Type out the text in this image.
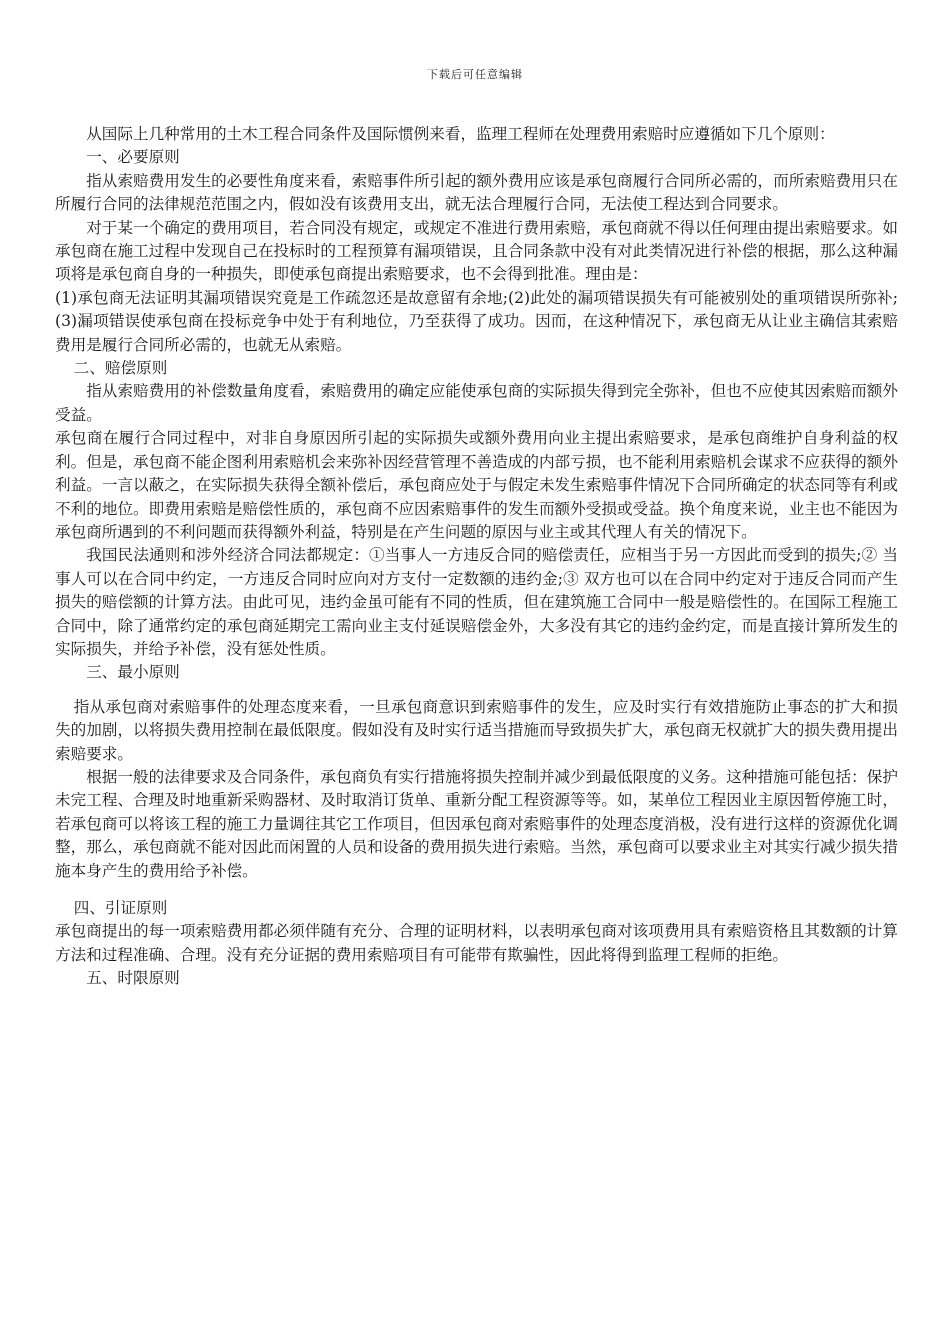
下载后可任意编辑

从国际上几种常用的土木工程合同条件及国际惯例来看，监理工程师在处理费用索赔时应遵循如下几个原则：

一、必要原则

指从索赔费用发生的必要性角度来看，索赔事件所引起的额外费用应该是承包商履行合同所必需的，而所索赔费用只在所履行合同的法律规范范围之内，假如没有该费用支出，就无法合理履行合同，无法使工程达到合同要求。

对于某一个确定的费用项目，若合同没有规定，或规定不准进行费用索赔，承包商就不得以任何理由提出索赔要求。如承包商在施工过程中发现自己在投标时的工程预算有漏项错误，且合同条款中没有对此类情况进行补偿的根据，那么这种漏项将是承包商自身的一种损失，即使承包商提出索赔要求，也不会得到批准。理由是：

(1)承包商无法证明其漏项错误究竟是工作疏忽还是故意留有余地;(2)此处的漏项错误损失有可能被别处的重项错误所弥补;(3)漏项错误使承包商在投标竞争中处于有利地位，乃至获得了成功。因而，在这种情况下，承包商无从让业主确信其索赔费用是履行合同所必需的，也就无从索赔。

二、赔偿原则

指从索赔费用的补偿数量角度看，索赔费用的确定应能使承包商的实际损失得到完全弥补，但也不应使其因索赔而额外受益。

承包商在履行合同过程中，对非自身原因所引起的实际损失或额外费用向业主提出索赔要求，是承包商维护自身利益的权利。但是，承包商不能企图利用索赔机会来弥补因经营管理不善造成的内部亏损，也不能利用索赔机会谋求不应获得的额外利益。一言以蔽之，在实际损失获得全额补偿后，承包商应处于与假定未发生索赔事件情况下合同所确定的状态同等有利或不利的地位。即费用索赔是赔偿性质的，承包商不应因索赔事件的发生而额外受损或受益。换个角度来说，业主也不能因为承包商所遇到的不利问题而获得额外利益，特别是在产生问题的原因与业主或其代理人有关的情况下。

我国民法通则和涉外经济合同法都规定：①当事人一方违反合同的赔偿责任，应相当于另一方因此而受到的损失;② 当事人可以在合同中约定，一方违反合同时应向对方支付一定数额的违约金;③ 双方也可以在合同中约定对于违反合同而产生损失的赔偿额的计算方法。由此可见，违约金虽可能有不同的性质，但在建筑施工合同中一般是赔偿性的。在国际工程施工合同中，除了通常约定的承包商延期完工需向业主支付延误赔偿金外，大多没有其它的违约金约定，而是直接计算所发生的实际损失，并给予补偿，没有惩处性质。

三、最小原则

指从承包商对索赔事件的处理态度来看，一旦承包商意识到索赔事件的发生，应及时实行有效措施防止事态的扩大和损失的加剧，以将损失费用控制在最低限度。假如没有及时实行适当措施而导致损失扩大，承包商无权就扩大的损失费用提出索赔要求。

根据一般的法律要求及合同条件，承包商负有实行措施将损失控制并减少到最低限度的义务。这种措施可能包括：保护未完工程、合理及时地重新采购器材、及时取消订货单、重新分配工程资源等等。如，某单位工程因业主原因暂停施工时，若承包商可以将该工程的施工力量调往其它工作项目，但因承包商对索赔事件的处理态度消极，没有进行这样的资源优化调整，那么，承包商就不能对因此而闲置的人员和设备的费用损失进行索赔。当然，承包商可以要求业主对其实行减少损失措施本身产生的费用给予补偿。

四、引证原则

承包商提出的每一项索赔费用都必须伴随有充分、合理的证明材料，以表明承包商对该项费用具有索赔资格且其数额的计算方法和过程准确、合理。没有充分证据的费用索赔项目有可能带有欺骗性，因此将得到监理工程师的拒绝。

五、时限原则
